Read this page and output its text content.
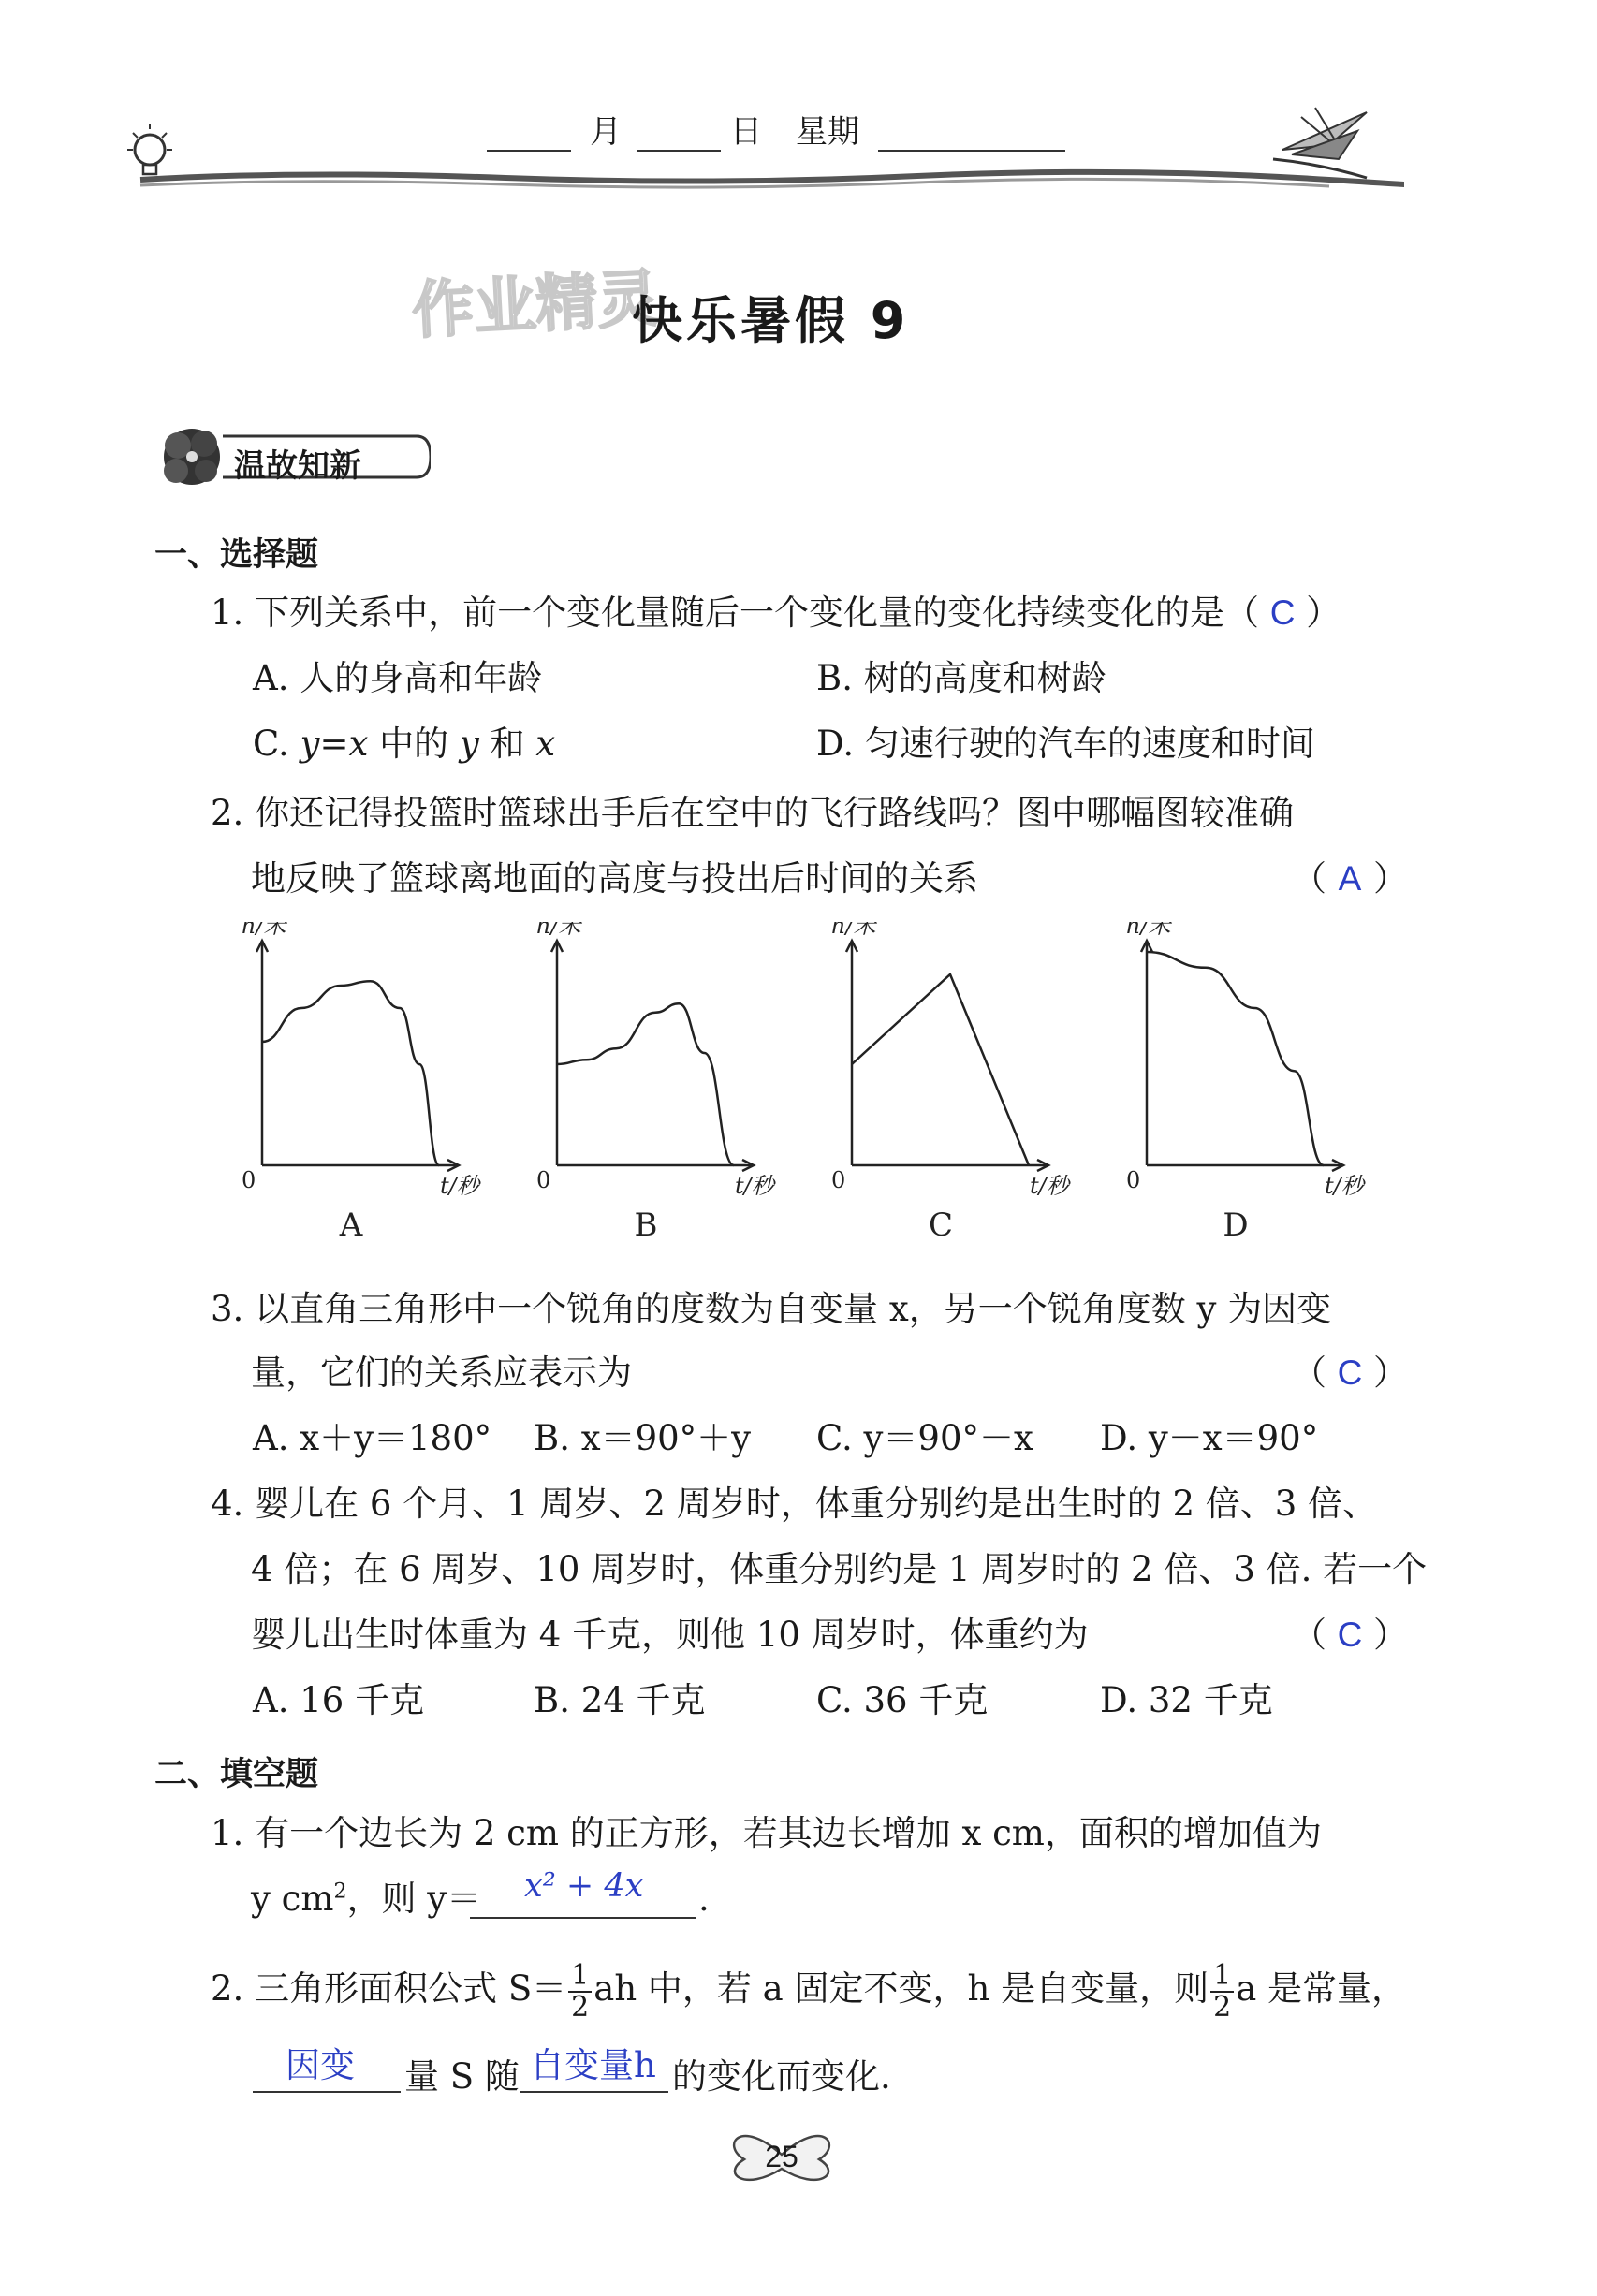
月	日 星期
作业精灵
快乐暑假 9
温故知新
一、选择题
1. 下列关系中，前一个变化量随后一个变化量的变化持续变化的是（ C ）
A. 人的身高和年龄	B. 树的高度和树龄
C. y=x 中的 y 和 x	D. 匀速行驶的汽车的速度和时间
2. 你还记得投篮时篮球出手后在空中的飞行路线吗？图中哪幅图较准确
地反映了篮球离地面的高度与投出后时间的关系	（ A ）
h/米
t/秒
0
A
h/米
t/秒
0
B
h/米
t/秒
0
C
h/米
t/秒
0
D
3. 以直角三角形中一个锐角的度数为自变量 x，另一个锐角度数 y 为因变
量，它们的关系应表示为	（ C ）
A. x＋y＝180° B. x＝90°＋y C. y＝90°－x D. y－x＝90°
4. 婴儿在 6 个月、1 周岁、2 周岁时，体重分别约是出生时的 2 倍、3 倍、
4 倍；在 6 周岁、10 周岁时，体重分别约是 1 周岁时的 2 倍、3 倍. 若一个
婴儿出生时体重为 4 千克，则他 10 周岁时，体重约为	（ C ）
A. 16 千克	B. 24 千克	C. 36 千克	D. 32 千克
二、填空题
1. 有一个边长为 2 cm 的正方形，若其边长增加 x cm，面积的增加值为
y $cm^2$，则 y＝ x² + 4x .
2. 三角形面积公式 $S= \frac{1}{2}$ ah 中，若 a 固定不变，h 是自变量，则 $\frac{1}{2}$ a 是常量，
因变 量 S 随 自变量h 的变化而变化.
25
